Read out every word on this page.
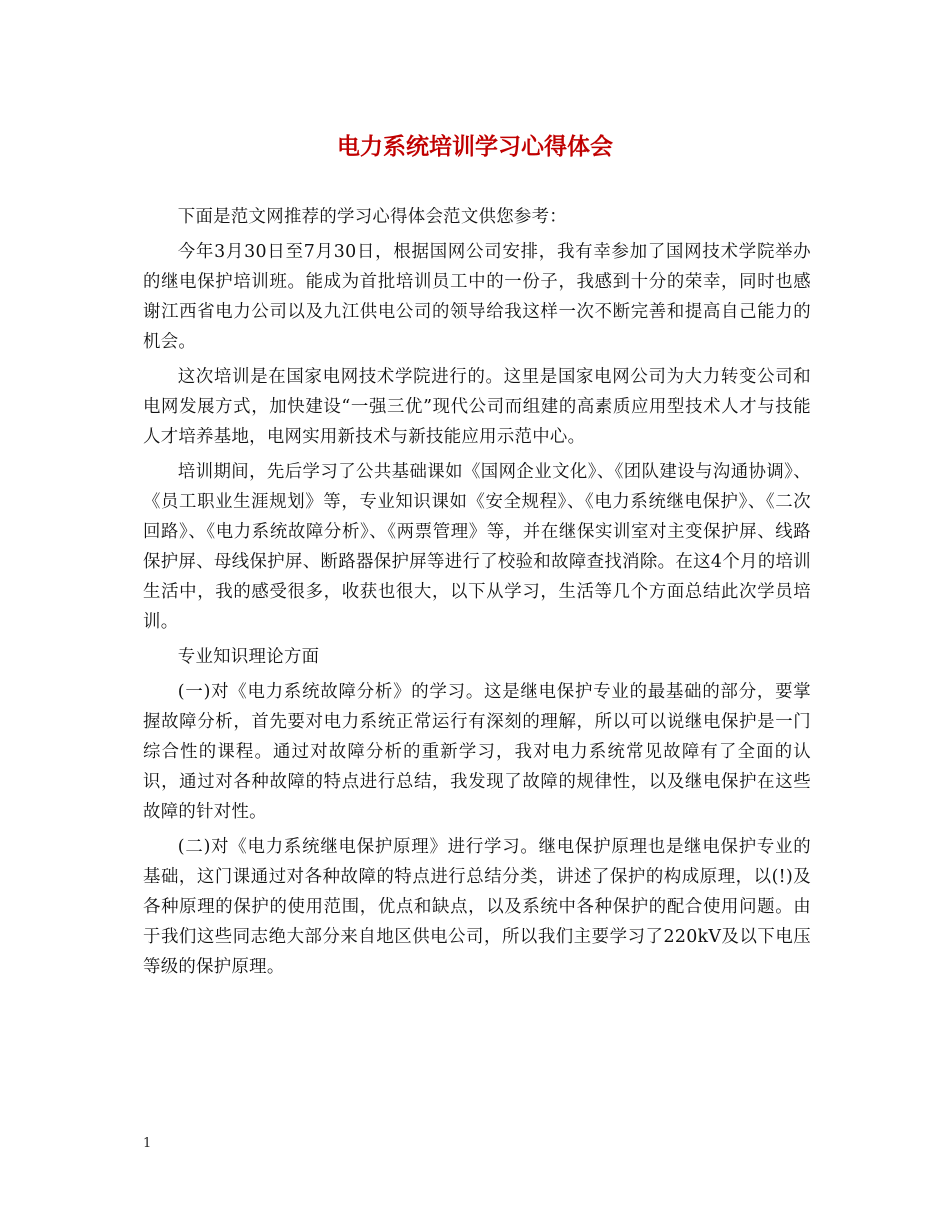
电力系统培训学习心得体会

下面是范文网推荐的学习心得体会范文供您参考：

今年3月30日至7月30日，根据国网公司安排，我有幸参加了国网技术学院举办的继电保护培训班。能成为首批培训员工中的一份子，我感到十分的荣幸，同时也感谢江西省电力公司以及九江供电公司的领导给我这样一次不断完善和提高自己能力的机会。

这次培训是在国家电网技术学院进行的。这里是国家电网公司为大力转变公司和电网发展方式，加快建设“一强三优”现代公司而组建的高素质应用型技术人才与技能人才培养基地，电网实用新技术与新技能应用示范中心。

培训期间，先后学习了公共基础课如《国网企业文化》、《团队建设与沟通协调》、《员工职业生涯规划》等，专业知识课如《安全规程》、《电力系统继电保护》、《二次回路》、《电力系统故障分析》、《两票管理》等，并在继保实训室对主变保护屏、线路保护屏、母线保护屏、断路器保护屏等进行了校验和故障查找消除。在这4个月的培训生活中，我的感受很多，收获也很大，以下从学习，生活等几个方面总结此次学员培训。

专业知识理论方面

(一)对《电力系统故障分析》的学习。这是继电保护专业的最基础的部分，要掌握故障分析，首先要对电力系统正常运行有深刻的理解，所以可以说继电保护是一门综合性的课程。通过对故障分析的重新学习，我对电力系统常见故障有了全面的认识，通过对各种故障的特点进行总结，我发现了故障的规律性，以及继电保护在这些故障的针对性。

(二)对《电力系统继电保护原理》进行学习。继电保护原理也是继电保护专业的基础，这门课通过对各种故障的特点进行总结分类，讲述了保护的构成原理，以(!)及各种原理的保护的使用范围，优点和缺点，以及系统中各种保护的配合使用问题。由于我们这些同志绝大部分来自地区供电公司，所以我们主要学习了220kV及以下电压等级的保护原理。

1
